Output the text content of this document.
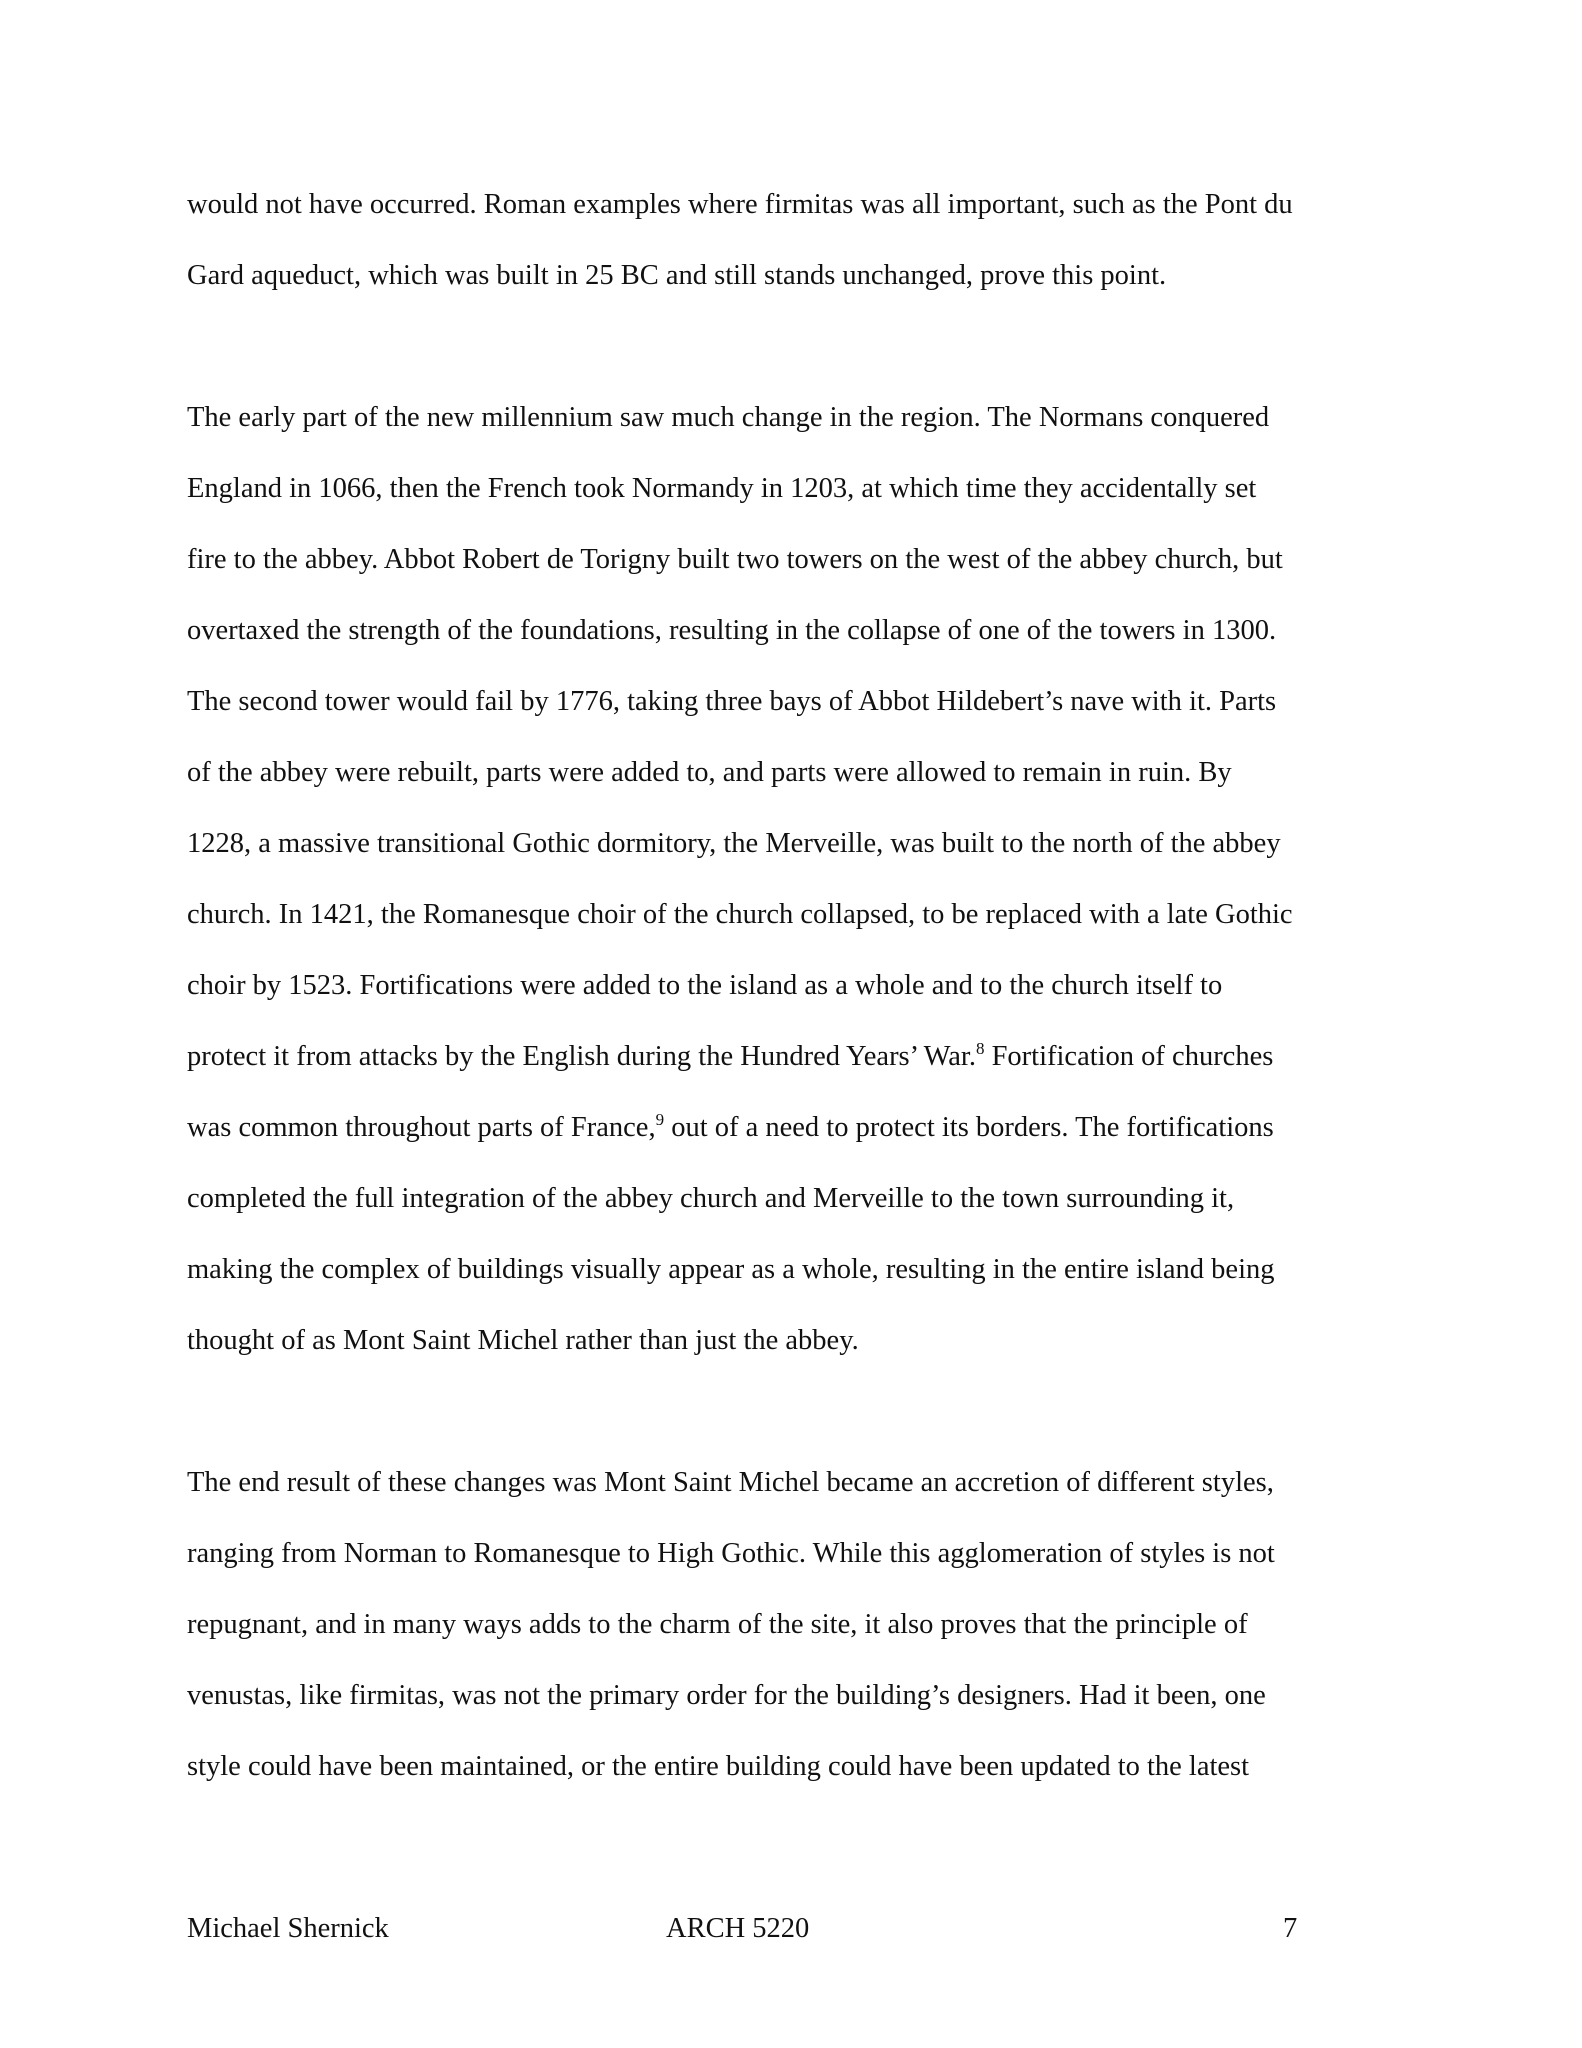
would not have occurred. Roman examples where firmitas was all important, such as the Pont du
Gard aqueduct, which was built in 25 BC and still stands unchanged, prove this point.
The early part of the new millennium saw much change in the region. The Normans conquered
England in 1066, then the French took Normandy in 1203, at which time they accidentally set
fire to the abbey. Abbot Robert de Torigny built two towers on the west of the abbey church, but
overtaxed the strength of the foundations, resulting in the collapse of one of the towers in 1300.
The second tower would fail by 1776, taking three bays of Abbot Hildebert’s nave with it. Parts
of the abbey were rebuilt, parts were added to, and parts were allowed to remain in ruin. By
1228, a massive transitional Gothic dormitory, the Merveille, was built to the north of the abbey
church. In 1421, the Romanesque choir of the church collapsed, to be replaced with a late Gothic
choir by 1523. Fortifications were added to the island as a whole and to the church itself to
protect it from attacks by the English during the Hundred Years’ War.$^8$ Fortification of churches
was common throughout parts of France,$^9$ out of a need to protect its borders. The fortifications
completed the full integration of the abbey church and Merveille to the town surrounding it,
making the complex of buildings visually appear as a whole, resulting in the entire island being
thought of as Mont Saint Michel rather than just the abbey.
The end result of these changes was Mont Saint Michel became an accretion of different styles,
ranging from Norman to Romanesque to High Gothic. While this agglomeration of styles is not
repugnant, and in many ways adds to the charm of the site, it also proves that the principle of
venustas, like firmitas, was not the primary order for the building’s designers. Had it been, one
style could have been maintained, or the entire building could have been updated to the latest
Michael Shernick	ARCH 5220	7
